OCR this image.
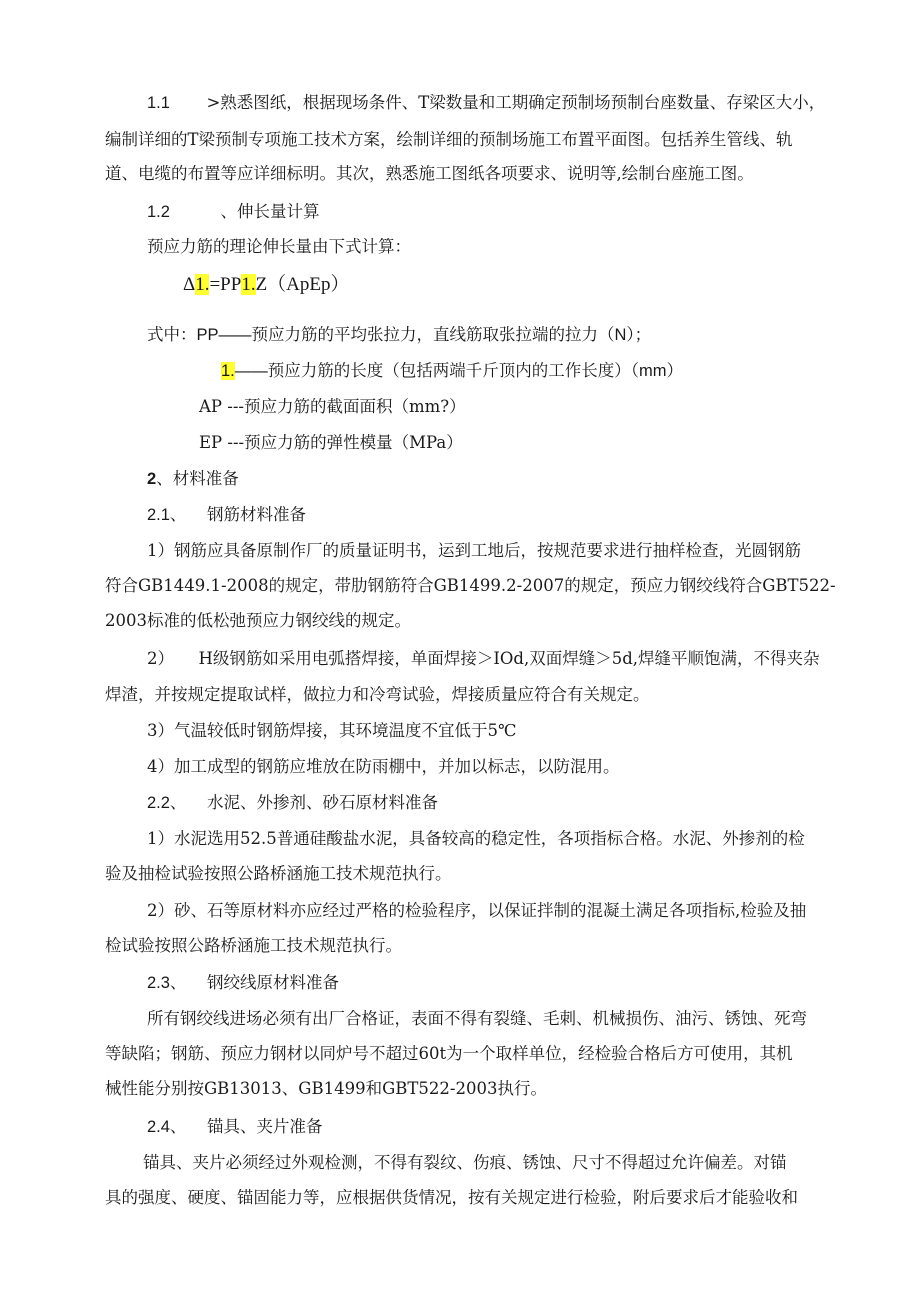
1.1 >熟悉图纸，根据现场条件、T梁数量和工期确定预制场预制台座数量、存梁区大小，
编制详细的T梁预制专项施工技术方案，绘制详细的预制场施工布置平面图。包括养生管线、轨
道、电缆的布置等应详细标明。其次，熟悉施工图纸各项要求、说明等,绘制台座施工图。
1.2	、伸长量计算
预应力筋的理论伸长量由下式计算：
Δ1.=PP1.Z（ApEp）
式中：PP——预应力筋的平均张拉力，直线筋取张拉端的拉力（N）；
1.——预应力筋的长度（包括两端千斤顶内的工作长度）（mm）
AP ---预应力筋的截面面积（mm?）
EP ---预应力筋的弹性模量（MPa）
2、材料准备
2.1、 钢筋材料准备
1）钢筋应具备原制作厂的质量证明书，运到工地后，按规范要求进行抽样检查，光圆钢筋
符合GB1449.1-2008的规定，带肋钢筋符合GB1499.2-2007的规定，预应力钢绞线符合GBT522-
2003标准的低松弛预应力钢绞线的规定。
2） H级钢筋如采用电弧搭焊接，单面焊接＞IOd,双面焊缝＞5d,焊缝平顺饱满，不得夹杂
焊渣，并按规定提取试样，做拉力和冷弯试验，焊接质量应符合有关规定。
3）气温较低时钢筋焊接，其环境温度不宜低于5℃
4）加工成型的钢筋应堆放在防雨棚中，并加以标志，以防混用。
2.2、 水泥、外掺剂、砂石原材料准备
1）水泥选用52.5普通硅酸盐水泥，具备较高的稳定性，各项指标合格。水泥、外掺剂的检
验及抽检试验按照公路桥涵施工技术规范执行。
2）砂、石等原材料亦应经过严格的检验程序，以保证拌制的混凝土满足各项指标,检验及抽
检试验按照公路桥涵施工技术规范执行。
2.3、 钢绞线原材料准备
所有钢绞线进场必须有出厂合格证，表面不得有裂缝、毛刺、机械损伤、油污、锈蚀、死弯
等缺陷；钢筋、预应力钢材以同炉号不超过60t为一个取样单位，经检验合格后方可使用，其机
械性能分别按GB13013、GB1499和GBT522-2003执行。
2.4、 锚具、夹片准备
锚具、夹片必须经过外观检测，不得有裂纹、伤痕、锈蚀、尺寸不得超过允许偏差。对锚
具的强度、硬度、锚固能力等，应根据供货情况，按有关规定进行检验，附后要求后才能验收和
